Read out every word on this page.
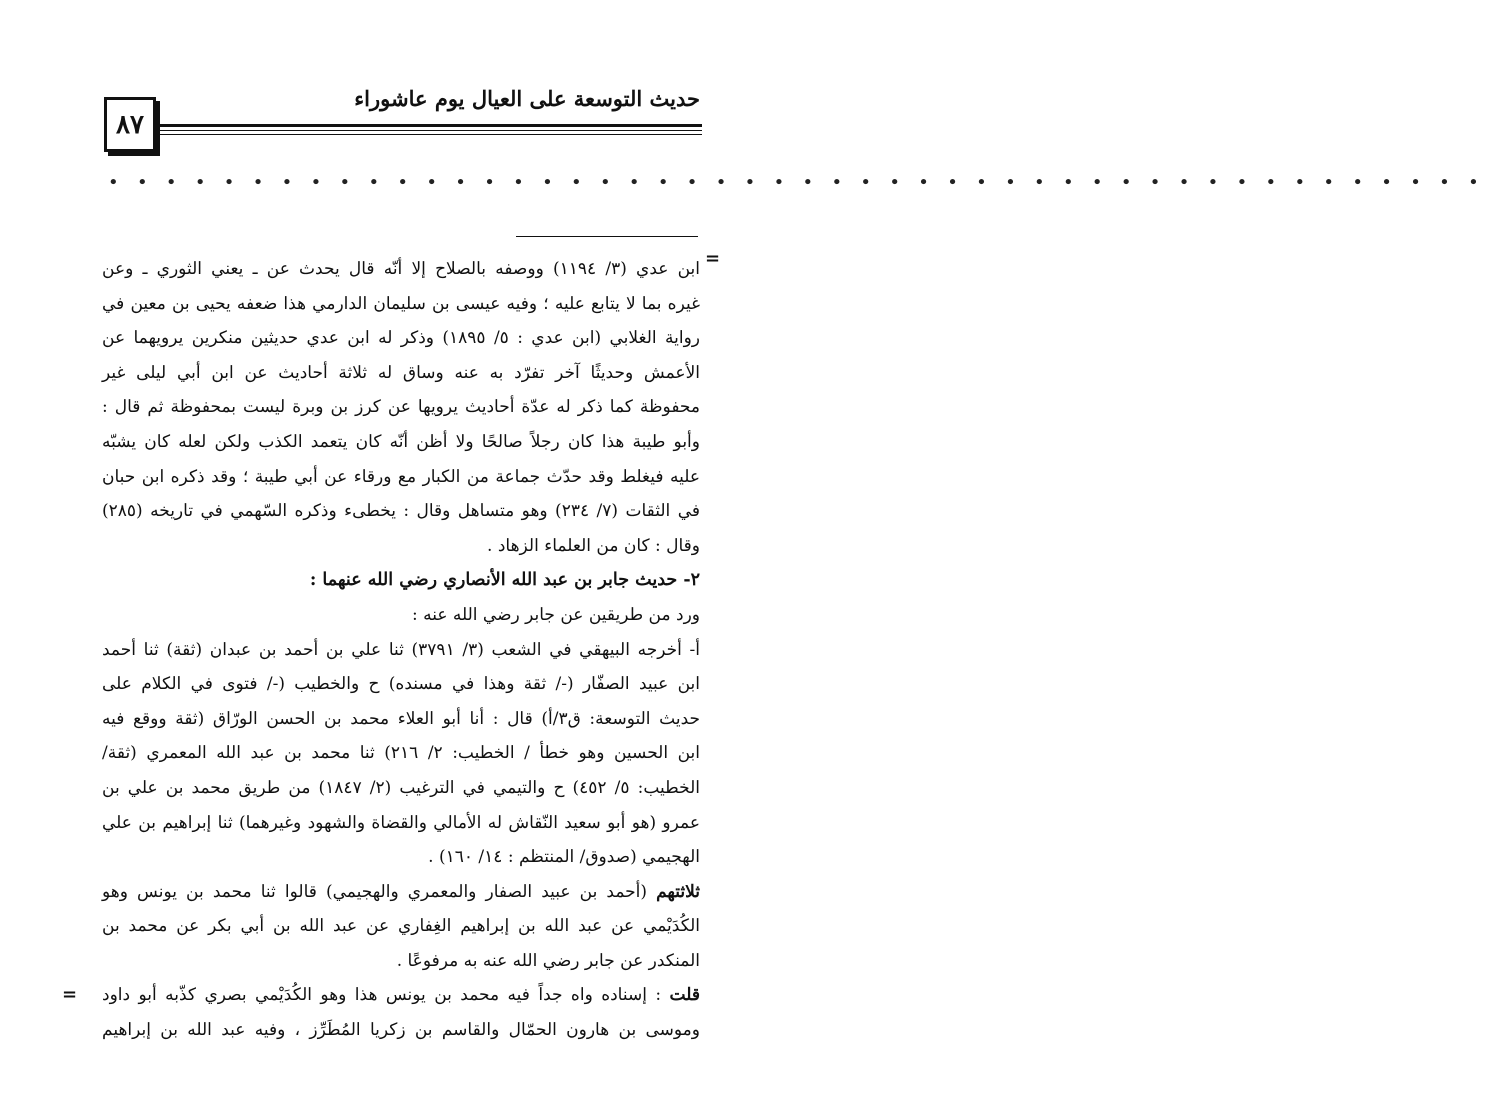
٨٧
حديث التوسعة على العيال يوم عاشوراء
• • • • • • • • • • • • • • • • • • • • • • • • • • • • • • • • • • • • • • • • • • • • • • • •
=
=
ابن عدي (٣/ ١١٩٤) ووصفه بالصلاح إلا أنّه قال يحدث عن ـ يعني الثوري ـ وعن
غيره بما لا يتابع عليه ؛ وفيه عيسى بن سليمان الدارمي هذا ضعفه يحيى بن معين في
رواية الغلابي (ابن عدي : ٥/ ١٨٩٥) وذكر له ابن عدي حديثين منكرين يرويهما عن
الأعمش وحديثًا آخر تفرّد به عنه وساق له ثلاثة أحاديث عن ابن أبي ليلى غير
محفوظة كما ذكر له عدّة أحاديث يرويها عن كرز بن وبرة ليست بمحفوظة ثم قال :
وأبو طيبة هذا كان رجلاً صالحًا ولا أظن أنّه كان يتعمد الكذب ولكن لعله كان يشبّه
عليه فيغلط وقد حدّث جماعة من الكبار مع ورقاء عن أبي طيبة ؛ وقد ذكره ابن حبان
في الثقات (٧/ ٢٣٤) وهو متساهل وقال : يخطىء وذكره السّهمي في تاريخه (٢٨٥)
وقال : كان من العلماء الزهاد .
٢- حديث جابر بن عبد الله الأنصاري رضي الله عنهما :
ورد من طريقين عن جابر رضي الله عنه :
أ- أخرجه البيهقي في الشعب (٣/ ٣٧٩١) ثنا علي بن أحمد بن عبدان (ثقة) ثنا أحمد
ابن عبيد الصفّار (-/ ثقة وهذا في مسنده) ح والخطيب (-/ فتوى في الكلام على
حديث التوسعة: ق٣/أ) قال : أنا أبو العلاء محمد بن الحسن الورّاق (ثقة ووقع فيه
ابن الحسين وهو خطأ / الخطيب: ٢/ ٢١٦) ثنا محمد بن عبد الله المعمري (ثقة/
الخطيب: ٥/ ٤٥٢) ح والتيمي في الترغيب (٢/ ١٨٤٧) من طريق محمد بن علي بن
عمرو (هو أبو سعيد النّقاش له الأمالي والقضاة والشهود وغيرهما) ثنا إبراهيم بن علي
الهجيمي (صدوق/ المنتظم : ١٤/ ١٦٠) .
ثلاثتهم (أحمد بن عبيد الصفار والمعمري والهجيمي) قالوا ثنا محمد بن يونس وهو
الكُدَيْمي عن عبد الله بن إبراهيم الغِفاري عن عبد الله بن أبي بكر عن محمد بن
المنكدر عن جابر رضي الله عنه به مرفوعًا .
قلت : إسناده واه جداً فيه محمد بن يونس هذا وهو الكُدَيْمي بصري كذّبه أبو داود
وموسى بن هارون الحمّال والقاسم بن زكريا المُطَرِّز ، وفيه عبد الله بن إبراهيم
